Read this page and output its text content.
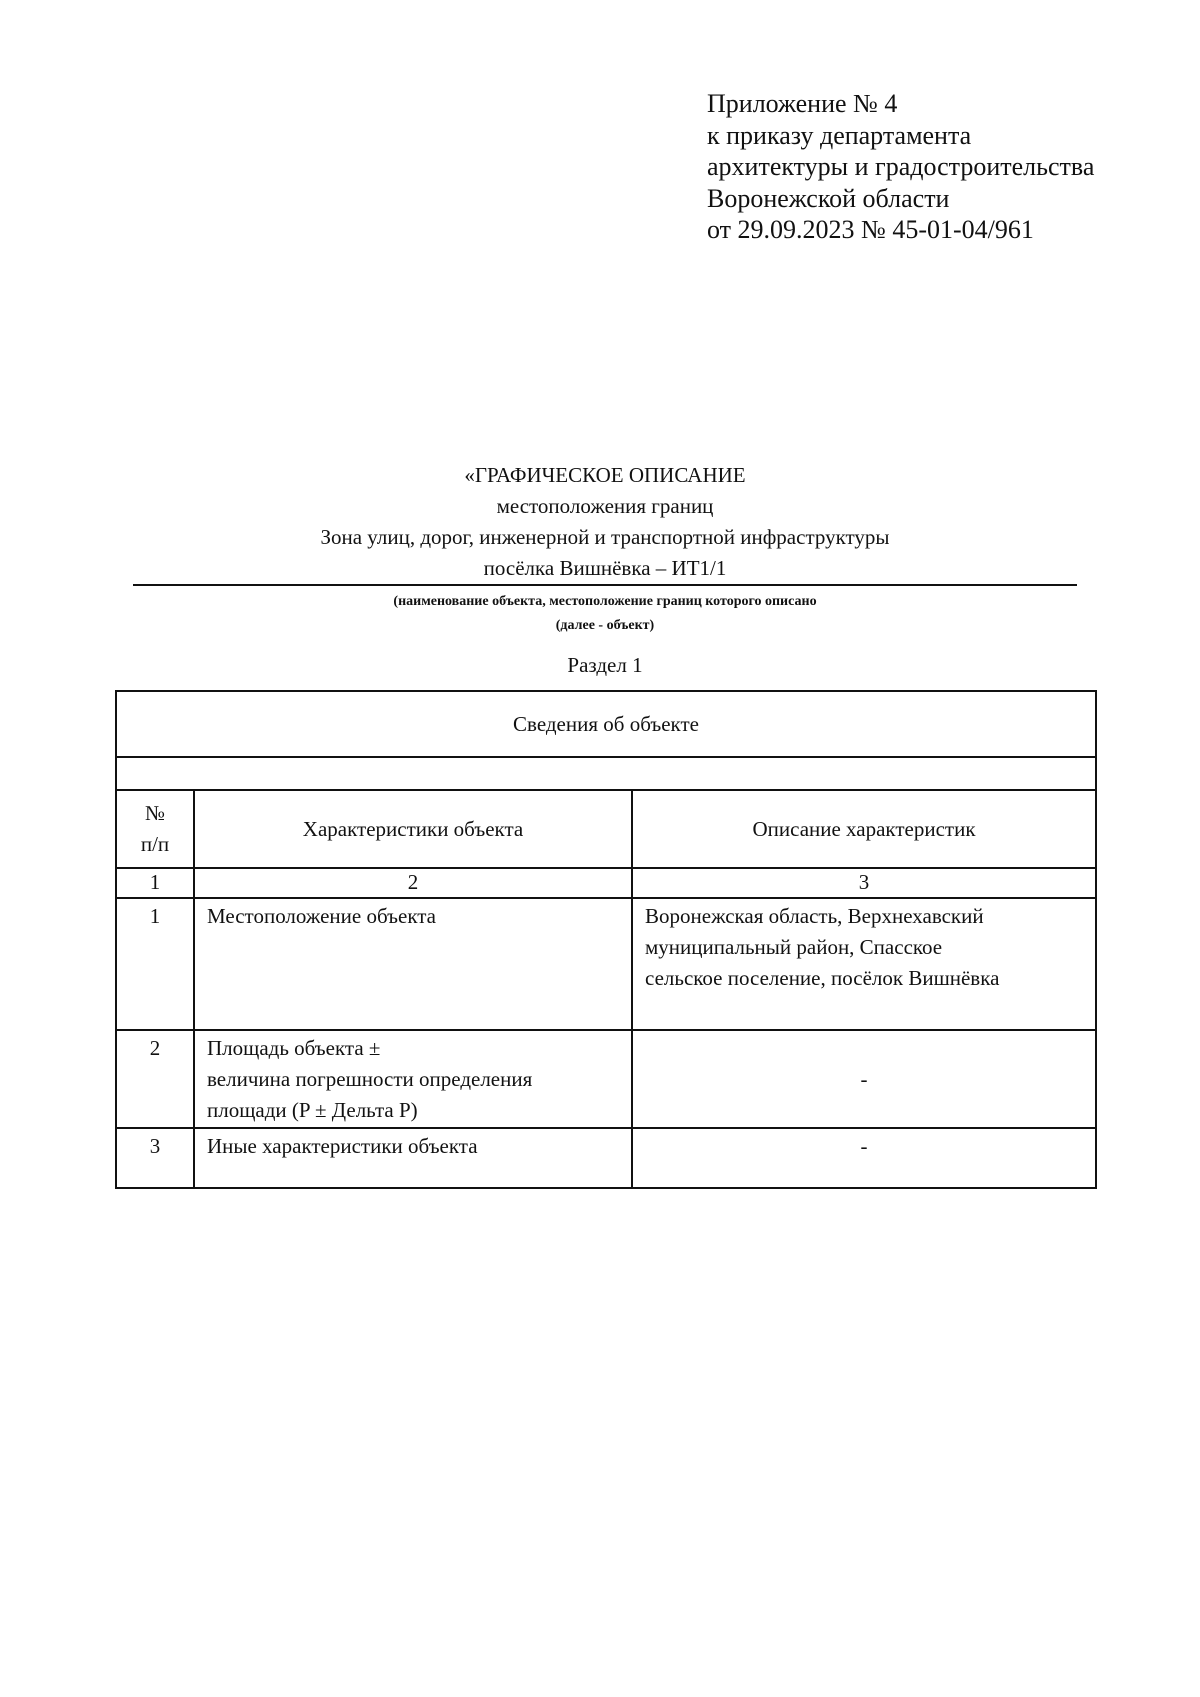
Приложение № 4
к приказу департамента
архитектуры и градостроительства
Воронежской области
от 29.09.2023 № 45-01-04/961
«ГРАФИЧЕСКОЕ ОПИСАНИЕ
местоположения границ
Зона улиц, дорог, инженерной и транспортной инфраструктуры
посёлка Вишнёвка – ИТ1/1
(наименование объекта, местоположение границ которого описано
(далее - объект)
Раздел 1
Сведения об объекте		

№
п/п	Характеристики объекта	Описание характеристик
1	2	3
1	Местоположение объекта	Воронежская область, Верхнехавский
муниципальный район, Спасское
сельское поселение, посёлок Вишнёвка

2	Площадь объекта ±
величина погрешности определения
площади (P ± Дельта P)	-
3	Иные характеристики объекта	-
